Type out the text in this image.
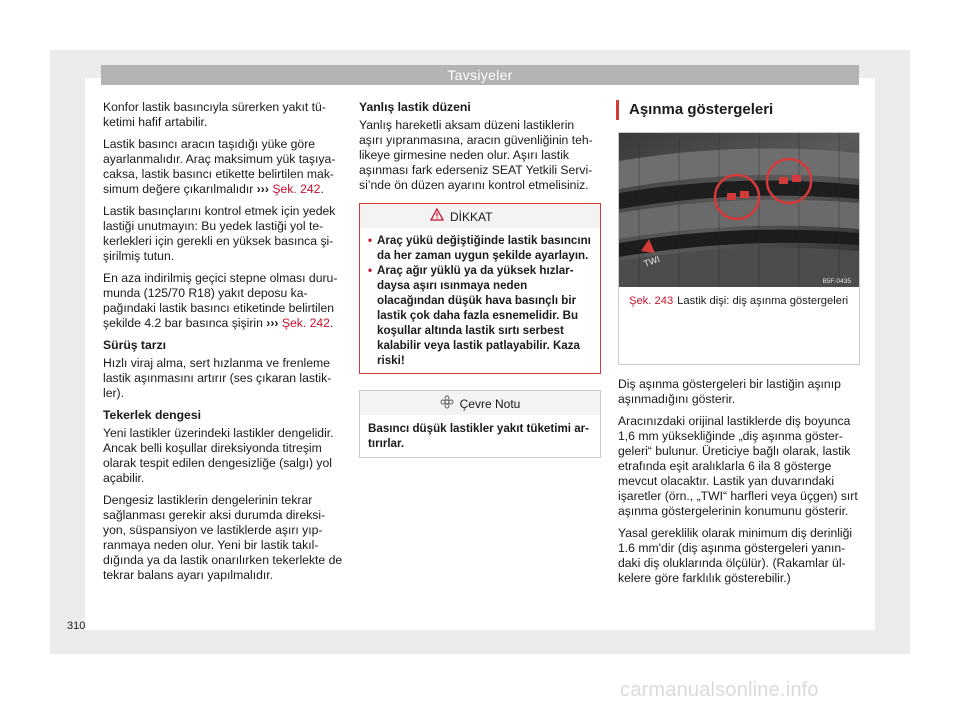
Tavsiyeler

Konfor lastik basıncıyla sürerken yakıt tüketimi hafif artabilir.

Lastik basıncı aracın taşıdığı yüke göre ayarlanmalıdır. Araç maksimum yük taşıyacaksa, lastik basıncı etikette belirtilen maksimum değere çıkarılmalıdır ››› Şek. 242.

Lastik basınçlarını kontrol etmek için yedek lastiği unutmayın: Bu yedek lastiği yol tekerlekleri için gerekli en yüksek basınca şişirilmiş tutun.

En aza indirilmiş geçici stepne olması durumunda (125/70 R18) yakıt deposu kapağındaki lastik basıncı etiketinde belirtilen şekilde 4.2 bar basınca şişirin ››› Şek. 242.

Sürüş tarzı

Hızlı viraj alma, sert hızlanma ve frenleme lastik aşınmasını artırır (ses çıkaran lastikler).

Tekerlek dengesi

Yeni lastikler üzerindeki lastikler dengelidir. Ancak belli koşullar direksiyonda titreşim olarak tespit edilen dengesizliğe (salgı) yol açabilir.

Dengesiz lastiklerin dengelerinin tekrar sağlanması gerekir aksi durumda direksiyon, süspansiyon ve lastiklerde aşırı yıpranmaya neden olur. Yeni bir lastik takıldığında ya da lastik onarılırken tekerlekte de tekrar balans ayarı yapılmalıdır.

Yanlış lastik düzeni

Yanlış hareketli aksam düzeni lastiklerin aşırı yıpranmasına, aracın güvenliğinin tehlikeye girmesine neden olur. Aşırı lastik aşınması fark ederseniz SEAT Yetkili Servisi’nde ön düzen ayarını kontrol etmelisiniz.

DİKKAT
• Araç yükü değiştiğinde lastik basıncını da her zaman uygun şekilde ayarlayın.
• Araç ağır yüklü ya da yüksek hızlardaysa aşırı ısınmaya neden olacağından düşük hava basınçlı bir lastik çok daha fazla esnemelidir. Bu koşullar altında lastik sırtı serbest kalabilir veya lastik patlayabilir. Kaza riski!
Çevre Notu
Basıncı düşük lastikler yakıt tüketimi artırırlar.
Aşınma göstergeleri
TWI
B5F-0435
Şek. 243 Lastik dişi: diş aşınma göstergeleri

Diş aşınma göstergeleri bir lastiğin aşınıp aşınmadığını gösterir.

Aracınızdaki orijinal lastiklerde diş boyunca 1,6 mm yüksekliğinde „diş aşınma göstergeleri“ bulunur. Üreticiye bağlı olarak, lastik etrafında eşit aralıklarla 6 ila 8 gösterge mevcut olacaktır. Lastik yan duvarındaki işaretler (örn., „TWI“ harfleri veya üçgen) sırt aşınma göstergelerinin konumunu gösterir.

Yasal gereklilik olarak minimum diş derinliği 1.6 mm'dir (diş aşınma göstergeleri yanındaki diş oluklarında ölçülür). (Rakamlar ülkelere göre farklılık gösterebilir.)

310
carmanualsonline.info
